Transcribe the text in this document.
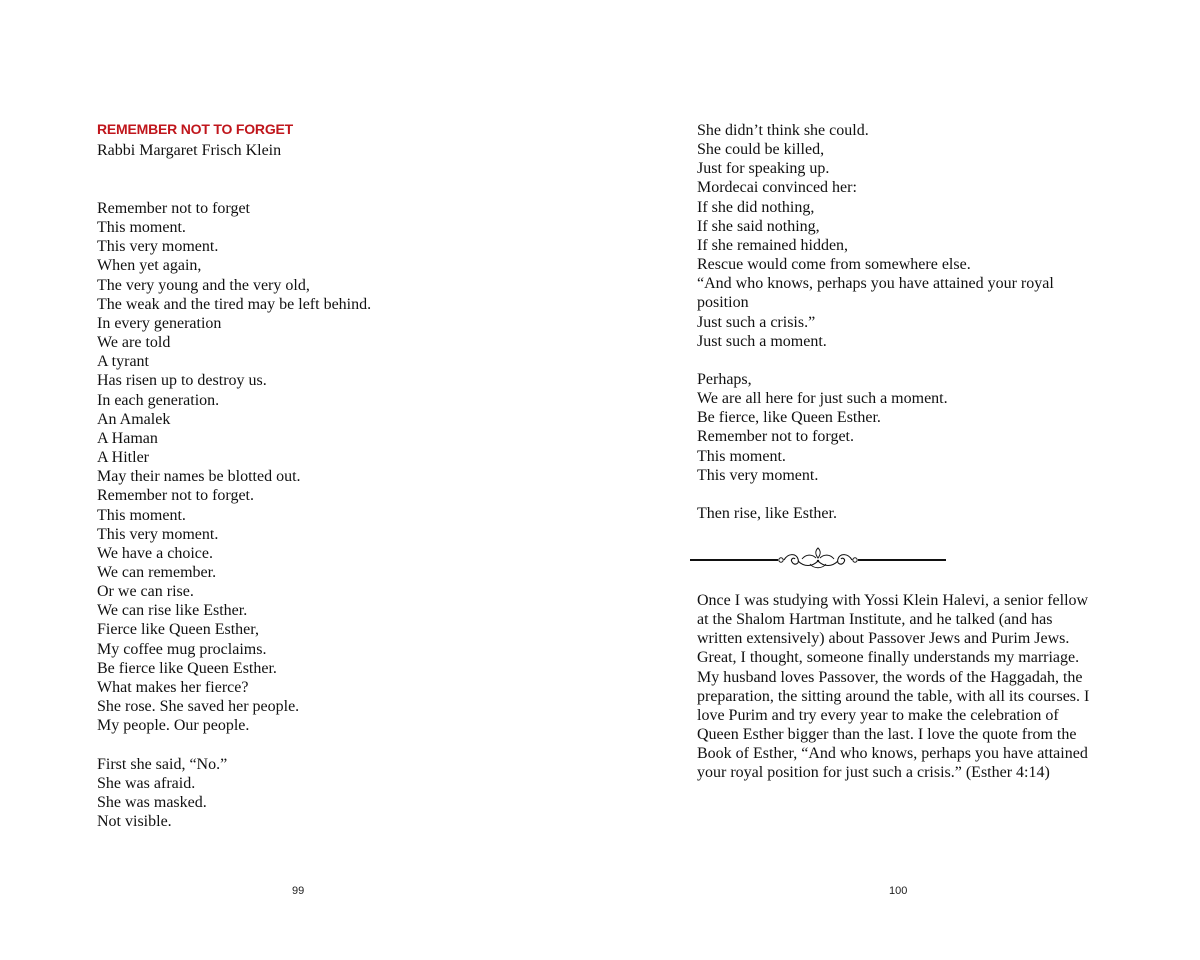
REMEMBER NOT TO FORGET
Rabbi Margaret Frisch Klein
Remember not to forget
This moment.
This very moment.
When yet again,
The very young and the very old,
The weak and the tired may be left behind.
In every generation
We are told
A tyrant
Has risen up to destroy us.
In each generation.
An Amalek
A Haman
A Hitler
May their names be blotted out.
Remember not to forget.
This moment.
This very moment.
We have a choice.
We can remember.
Or we can rise.
We can rise like Esther.
Fierce like Queen Esther,
My coffee mug proclaims.
Be fierce like Queen Esther.
What makes her fierce?
She rose. She saved her people.
My people. Our people.
First she said, “No.”
She was afraid.
She was masked.
Not visible.
99
She didn’t think she could.
She could be killed,
Just for speaking up.
Mordecai convinced her:
If she did nothing,
If she said nothing,
If she remained hidden,
Rescue would come from somewhere else.
“And who knows, perhaps you have attained your royal
position
Just such a crisis.”
Just such a moment.
Perhaps,
We are all here for just such a moment.
Be fierce, like Queen Esther.
Remember not to forget.
This moment.
This very moment.
Then rise, like Esther.

Once I was studying with Yossi Klein Halevi, a senior fellow
at the Shalom Hartman Institute, and he talked (and has
written extensively) about Passover Jews and Purim Jews.
Great, I thought, someone finally understands my marriage.
My husband loves Passover, the words of the Haggadah, the
preparation, the sitting around the table, with all its courses. I
love Purim and try every year to make the celebration of
Queen Esther bigger than the last. I love the quote from the
Book of Esther, “And who knows, perhaps you have attained
your royal position for just such a crisis.” (Esther 4:14)

100
